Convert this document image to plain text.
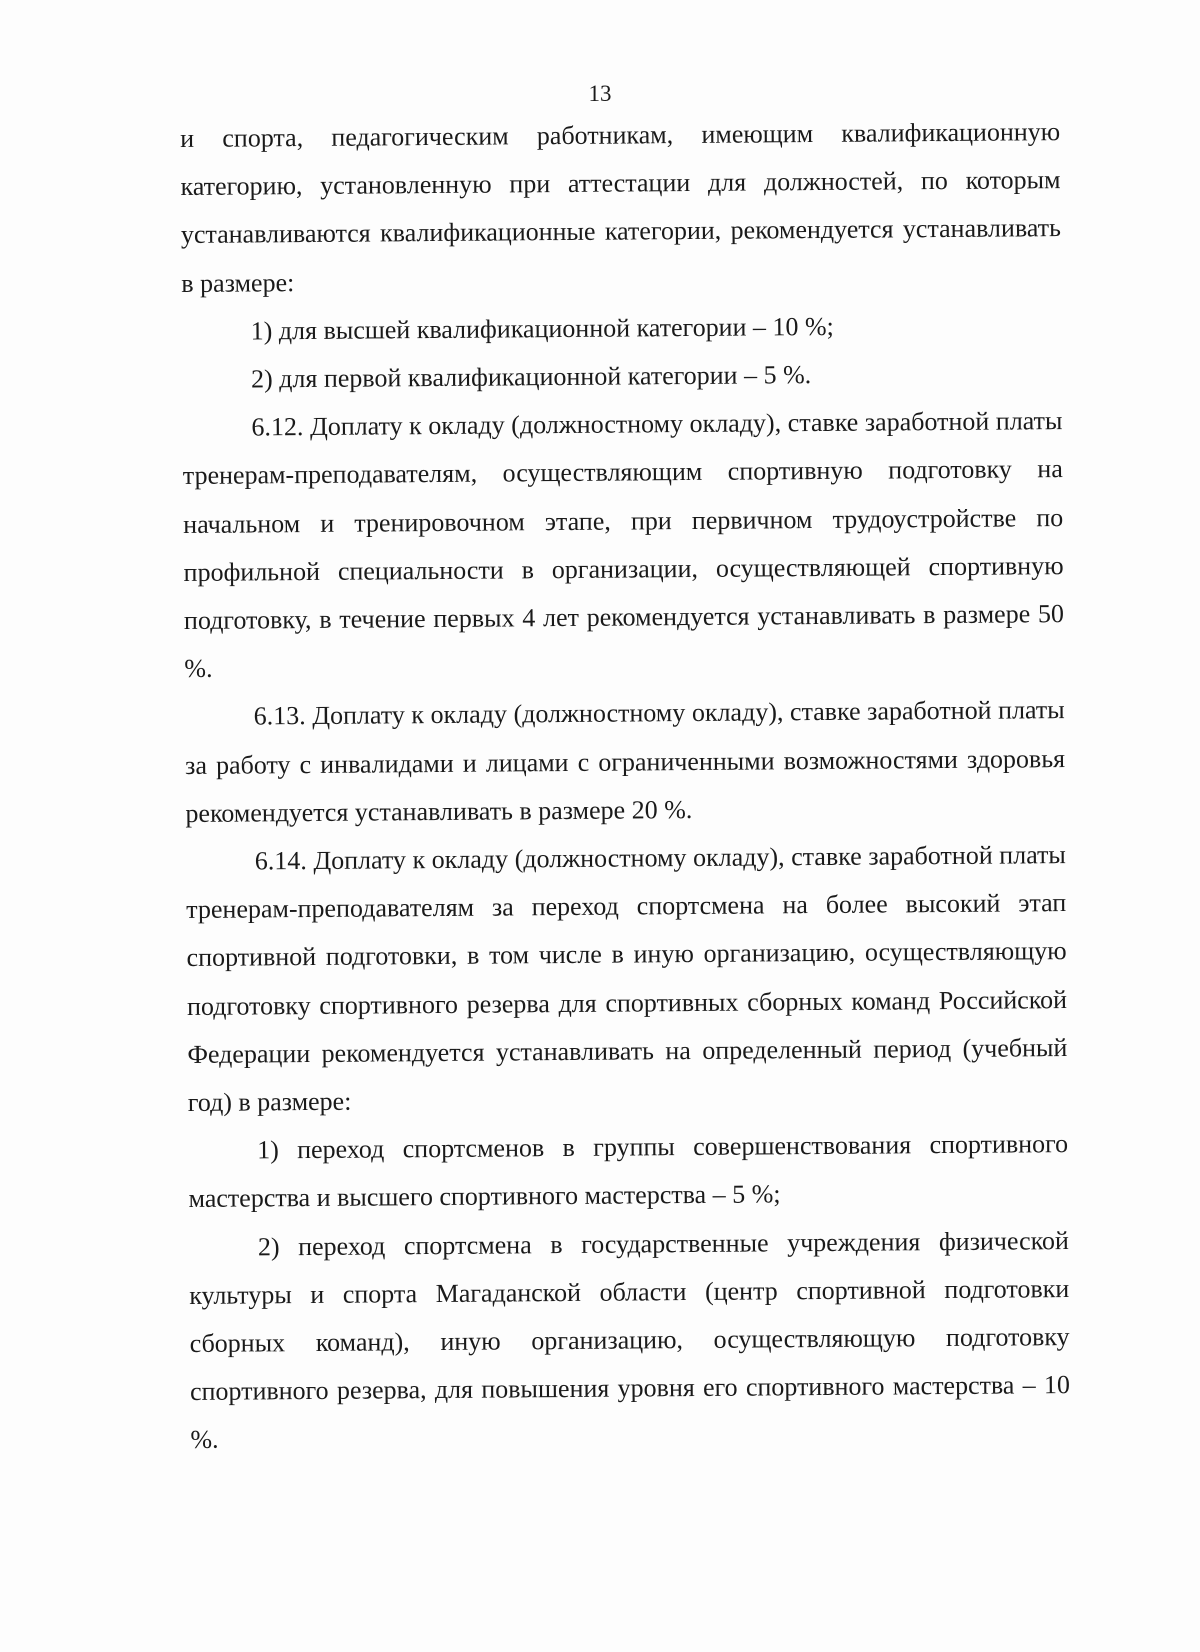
13

и спорта, педагогическим работникам, имеющим квалификационную категорию, установленную при аттестации для должностей, по которым устанавливаются квалификационные категории, рекомендуется устанавливать в размере:

1) для высшей квалификационной категории – 10 %;

2) для первой квалификационной категории – 5 %.

6.12. Доплату к окладу (должностному окладу), ставке заработной платы тренерам-преподавателям, осуществляющим спортивную подготовку на начальном и тренировочном этапе, при первичном трудоустройстве по профильной специальности в организации, осуществляющей спортивную подготовку, в течение первых 4 лет рекомендуется устанавливать в размере 50 %.

6.13. Доплату к окладу (должностному окладу), ставке заработной платы за работу с инвалидами и лицами с ограниченными возможностями здоровья рекомендуется устанавливать в размере 20 %.

6.14. Доплату к окладу (должностному окладу), ставке заработной платы тренерам-преподавателям за переход спортсмена на более высокий этап спортивной подготовки, в том числе в иную организацию, осуществляющую подготовку спортивного резерва для спортивных сборных команд Российской Федерации рекомендуется устанавливать на определенный период (учебный год) в размере:

1) переход спортсменов в группы совершенствования спортивного мастерства и высшего спортивного мастерства – 5 %;

2) переход спортсмена в государственные учреждения физической культуры и спорта Магаданской области (центр спортивной подготовки сборных команд), иную организацию, осуществляющую подготовку спортивного резерва, для повышения уровня его спортивного мастерства – 10 %.
